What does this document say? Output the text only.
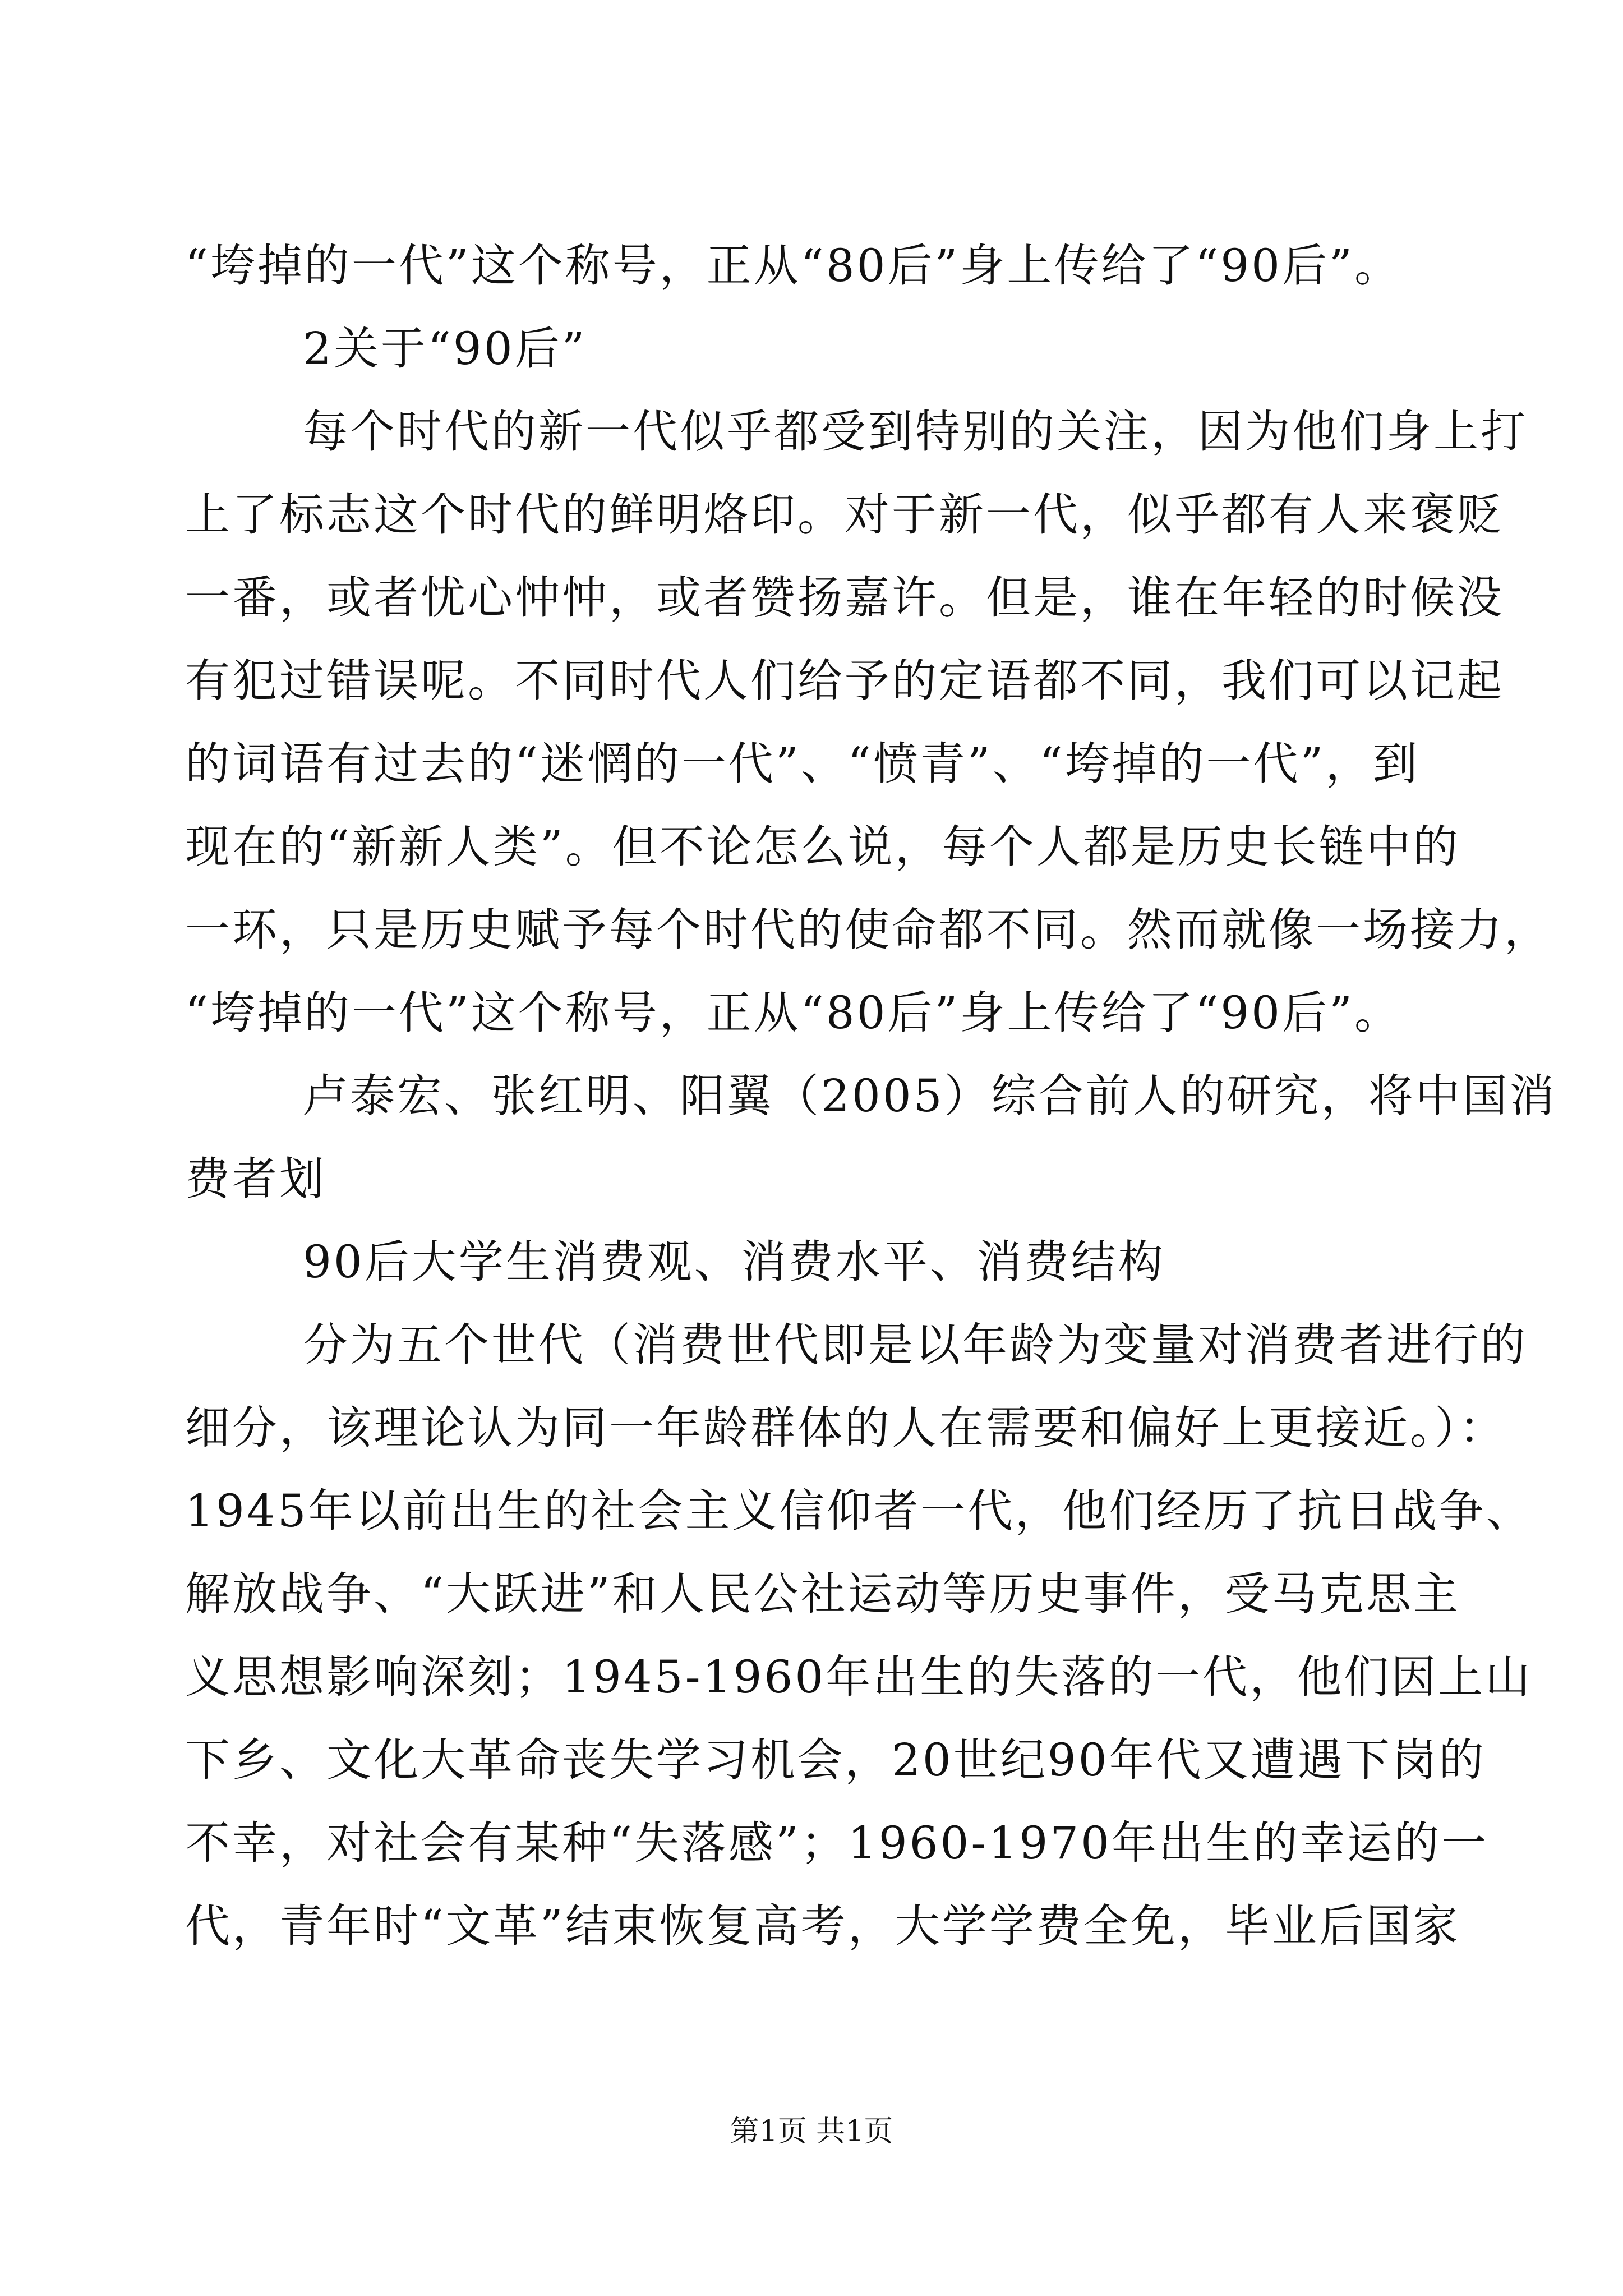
“垮掉的一代”这个称号，正从“80后”身上传给了“90后”。
2关于“90后”
每个时代的新一代似乎都受到特别的关注，因为他们身上打
上了标志这个时代的鲜明烙印。对于新一代，似乎都有人来褒贬
一番，或者忧心忡忡，或者赞扬嘉许。但是，谁在年轻的时候没
有犯过错误呢。不同时代人们给予的定语都不同，我们可以记起
的词语有过去的“迷惘的一代”、“愤青”、“垮掉的一代”，到
现在的“新新人类”。但不论怎么说，每个人都是历史长链中的
一环，只是历史赋予每个时代的使命都不同。然而就像一场接力，
“垮掉的一代”这个称号，正从“80后”身上传给了“90后”。
卢泰宏、张红明、阳翼（2005）综合前人的研究，将中国消
费者划
90后大学生消费观、消费水平、消费结构
分为五个世代（消费世代即是以年龄为变量对消费者进行的
细分，该理论认为同一年龄群体的人在需要和偏好上更接近。）：
1945年以前出生的社会主义信仰者一代，他们经历了抗日战争、
解放战争、“大跃进”和人民公社运动等历史事件，受马克思主
义思想影响深刻；1945-1960年出生的失落的一代，他们因上山
下乡、文化大革命丧失学习机会，20世纪90年代又遭遇下岗的
不幸，对社会有某种“失落感”；1960-1970年出生的幸运的一
代，青年时“文革”结束恢复高考，大学学费全免，毕业后国家
第1页 共1页
